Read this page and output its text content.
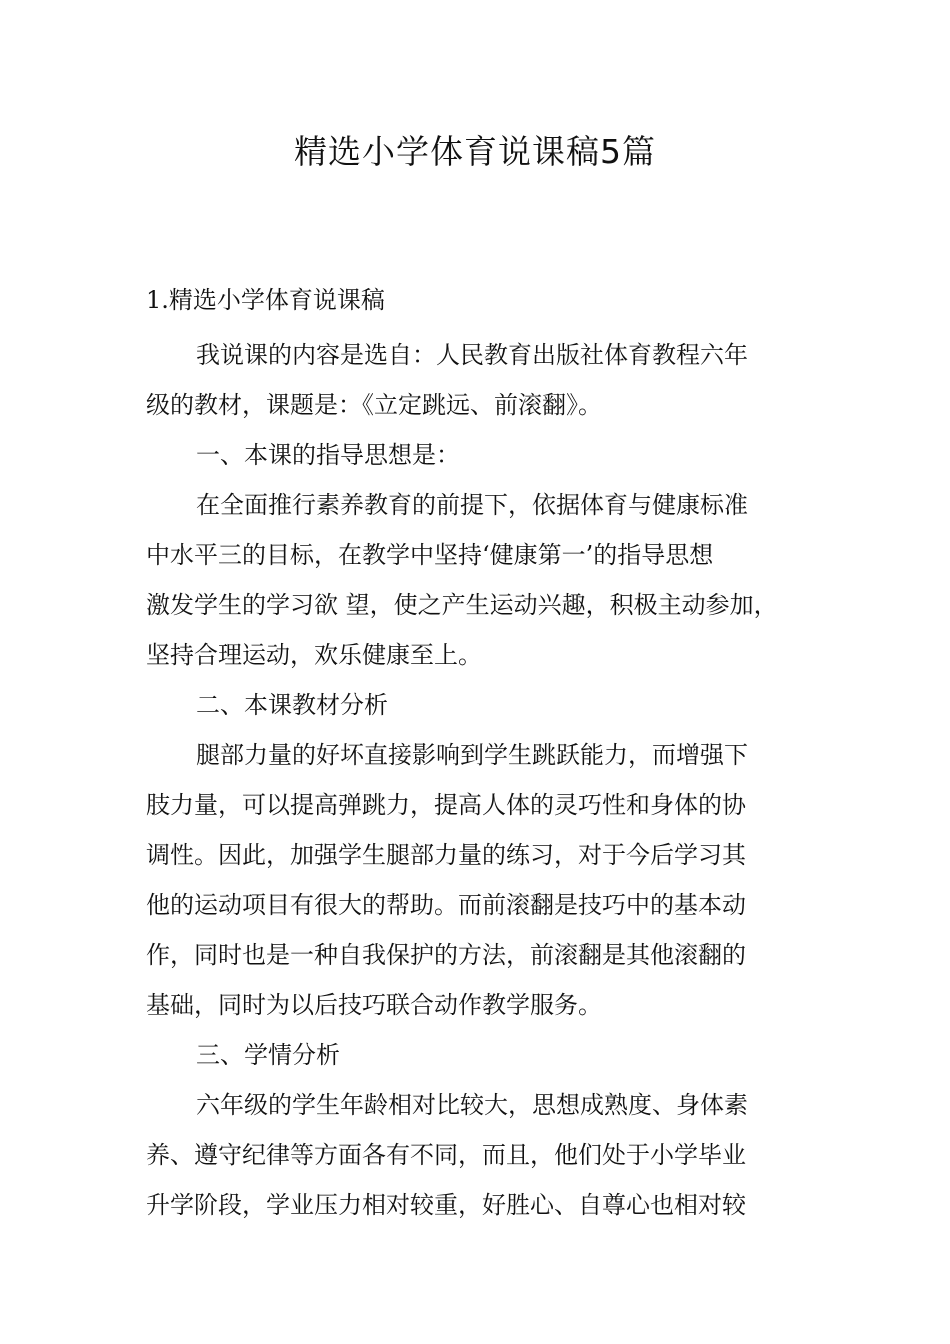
精选小学体育说课稿5篇
1.精选小学体育说课稿

我说课的内容是选自：人民教育出版社体育教程六年

级的教材，课题是：《立定跳远、前滚翻》。

一、本课的指导思想是：

在全面推行素养教育的前提下，依据体育与健康标准

中水平三的目标，在教学中坚持‘健康第一’的指导思想

激发学生的学习欲 望，使之产生运动兴趣，积极主动参加，

坚持合理运动，欢乐健康至上。

二、本课教材分析

腿部力量的好坏直接影响到学生跳跃能力，而增强下

肢力量，可以提高弹跳力，提高人体的灵巧性和身体的协

调性。因此，加强学生腿部力量的练习，对于今后学习其

他的运动项目有很大的帮助。而前滚翻是技巧中的基本动

作，同时也是一种自我保护的方法，前滚翻是其他滚翻的

基础，同时为以后技巧联合动作教学服务。

三、学情分析

六年级的学生年龄相对比较大，思想成熟度、身体素

养、遵守纪律等方面各有不同，而且，他们处于小学毕业

升学阶段，学业压力相对较重，好胜心、自尊心也相对较
